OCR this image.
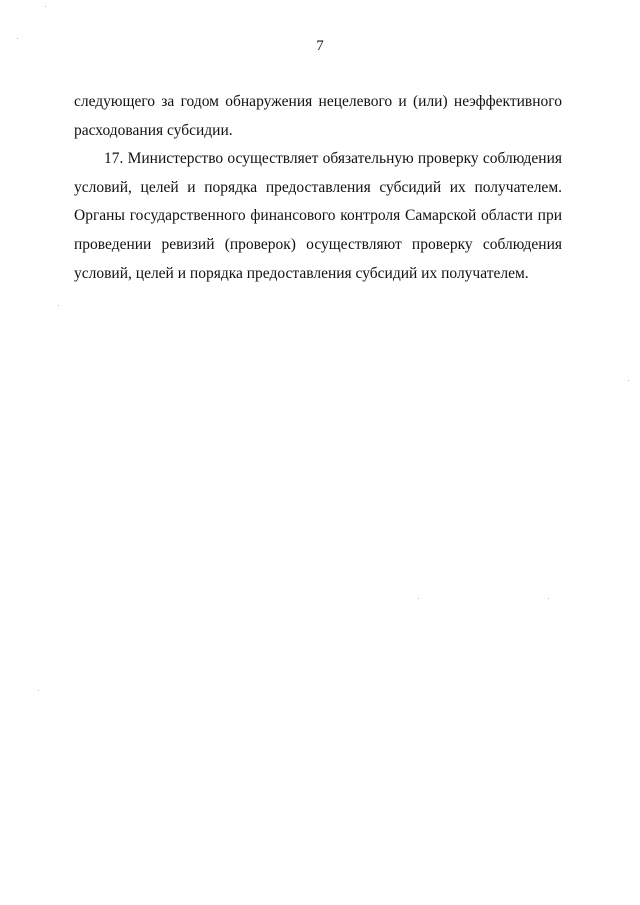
7
следующего за годом обнаружения нецелевого и (или) неэффективного
расходования субсидии.
17. Министерство осуществляет обязательную проверку соблюдения
условий, целей и порядка предоставления субсидий их получателем.
Органы государственного финансового контроля Самарской области при
проведении ревизий (проверок) осуществляют проверку соблюдения
условий, целей и порядка предоставления субсидий их получателем.
